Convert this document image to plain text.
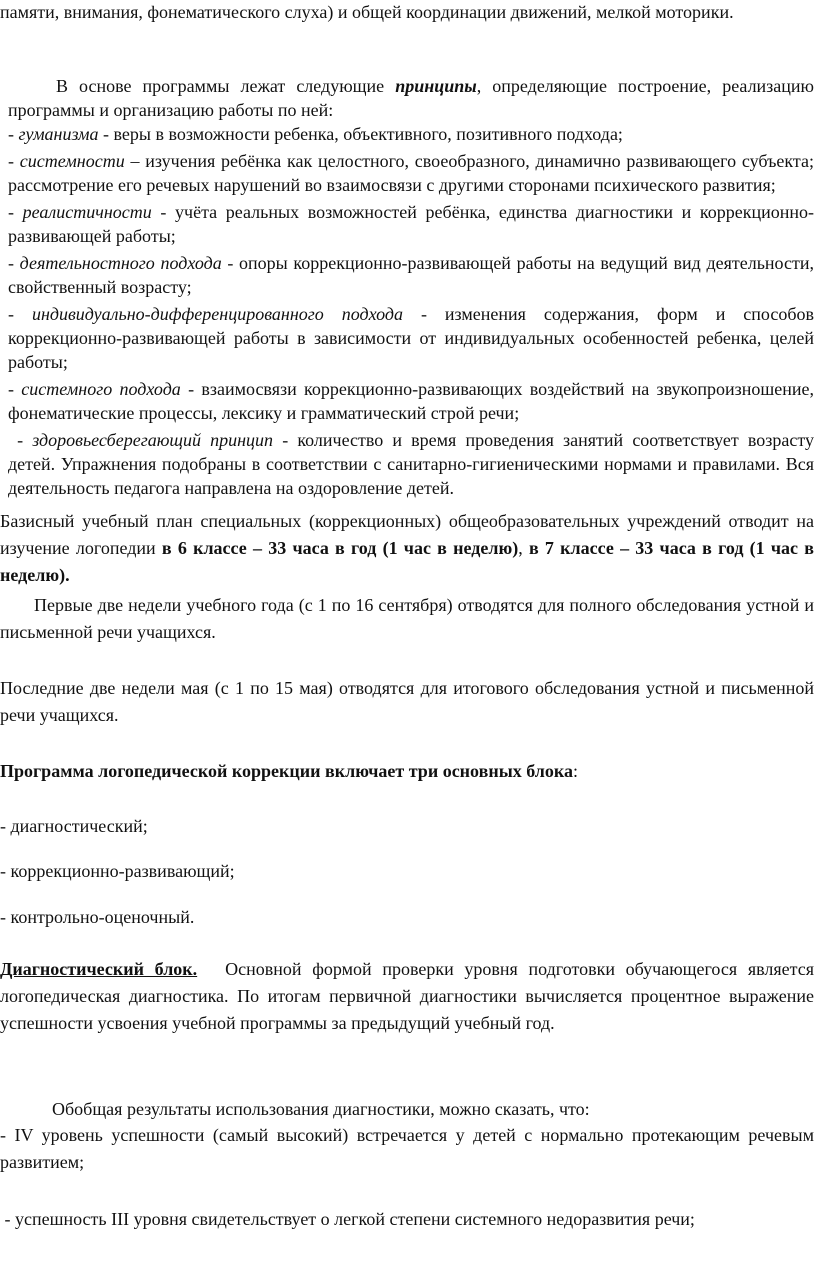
памяти, внимания, фонематического слуха) и общей координации движений, мелкой моторики.

В основе программы лежат следующие принципы, определяющие построение, реализацию программы и организацию работы по ней:

- гуманизма - веры в возможности ребенка, объективного, позитивного подхода;

- системности – изучения ребёнка как целостного, своеобразного, динамично развивающего субъекта; рассмотрение его речевых нарушений во взаимосвязи с другими сторонами психического развития;

- реалистичности - учёта реальных возможностей ребёнка, единства диагностики и коррекционно-развивающей работы;

- деятельностного подхода - опоры коррекционно-развивающей работы на ведущий вид деятельности, свойственный возрасту;

- индивидуально-дифференцированного подхода - изменения содержания, форм и способов коррекционно-развивающей работы в зависимости от индивидуальных особенностей ребенка, целей работы;

- системного подхода - взаимосвязи коррекционно-развивающих воздействий на звукопроизношение, фонематические процессы, лексику и грамматический строй речи;

- здоровьесберегающий принцип - количество и время проведения занятий соответствует возрасту детей. Упражнения подобраны в соответствии с санитарно-гигиеническими нормами и правилами. Вся деятельность педагога направлена на оздоровление детей.

Базисный учебный план специальных (коррекционных) общеобразовательных учреждений отводит на изучение логопедии в 6 классе – 33 часа в год (1 час в неделю), в 7 классе – 33 часа в год (1 час в неделю).

Первые две недели учебного года (с 1 по 16 сентября) отводятся для полного обследования устной и письменной речи учащихся.

Последние две недели мая (с 1 по 15 мая) отводятся для итогового обследования устной и письменной речи учащихся.

Программа логопедической коррекции включает три основных блока:

- диагностический;

- коррекционно-развивающий;

- контрольно-оценочный.

Диагностический блок. Основной формой проверки уровня подготовки обучающегося является логопедическая диагностика. По итогам первичной диагностики вычисляется процентное выражение успешности усвоения учебной программы за предыдущий учебный год.

Обобщая результаты использования диагностики, можно сказать, что:

- IV уровень успешности (самый высокий) встречается у детей с нормально протекающим речевым развитием;

- успешность III уровня свидетельствует о легкой степени системного недоразвития речи;
